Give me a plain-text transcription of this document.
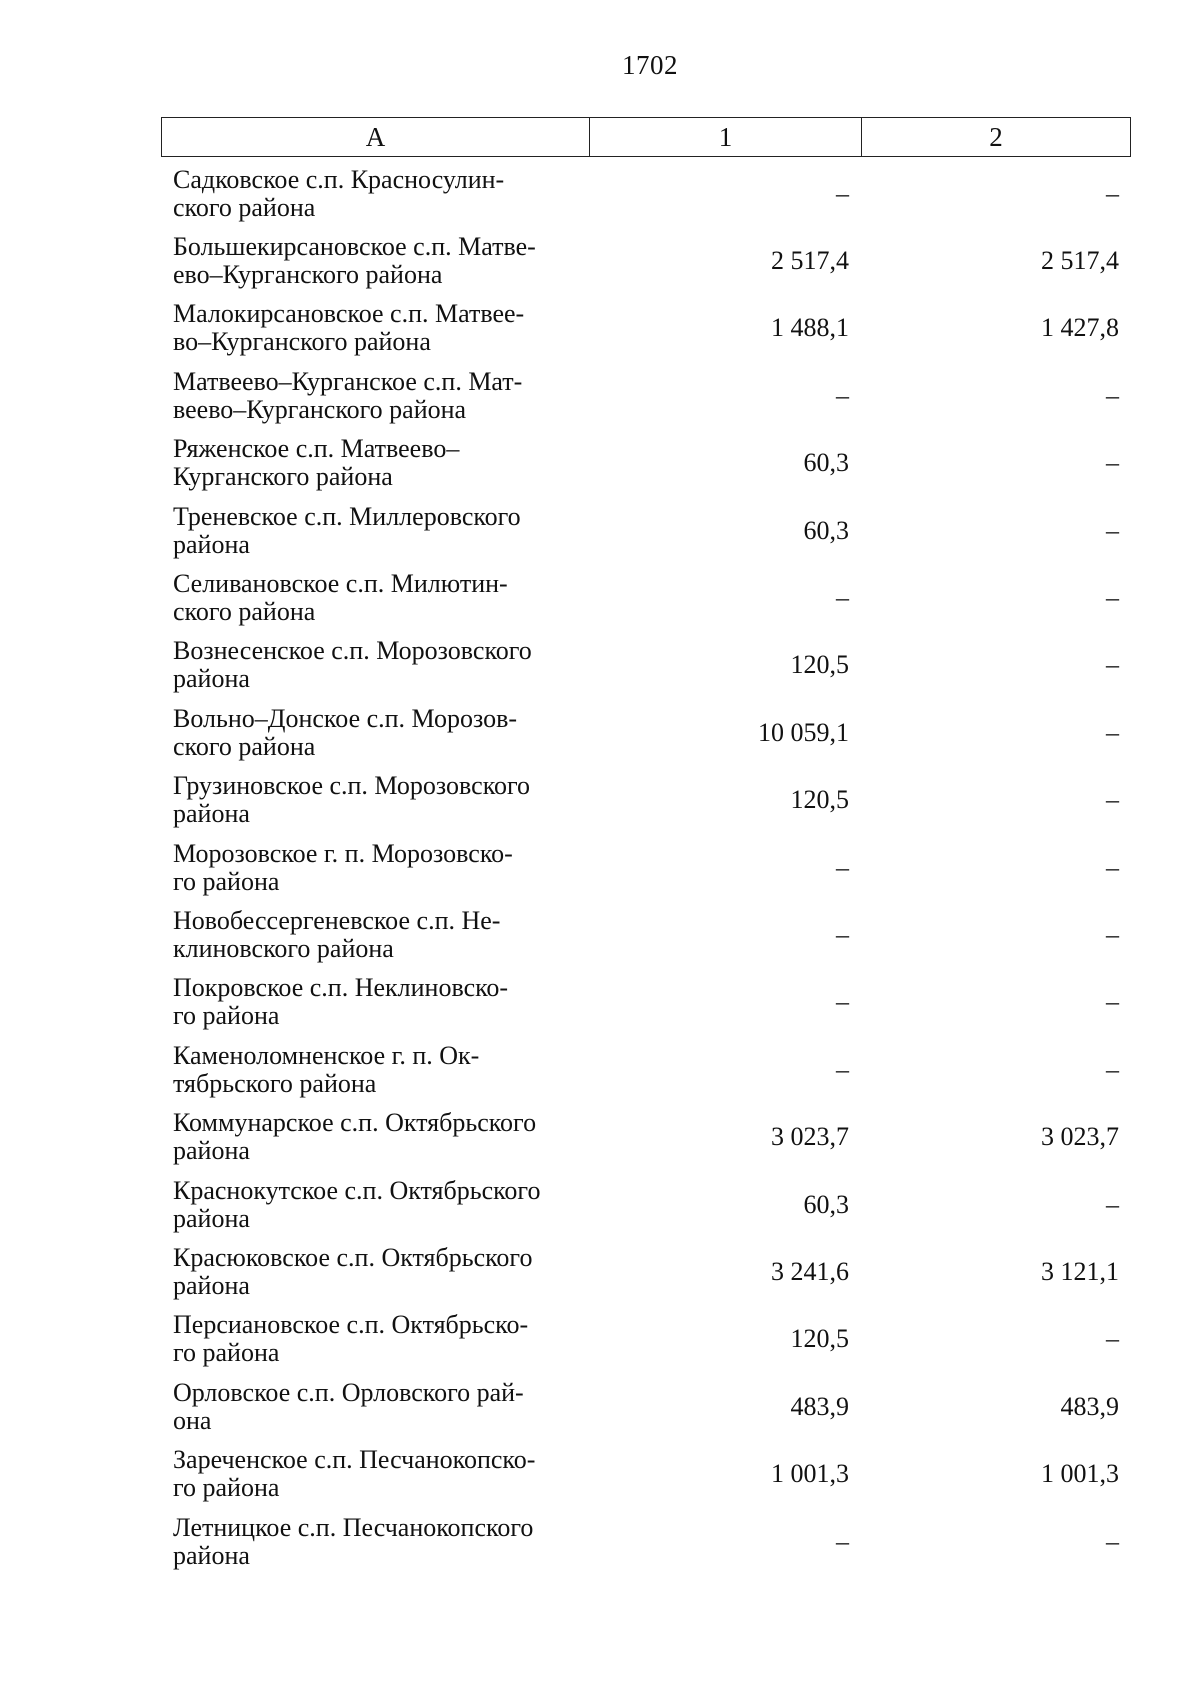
1702
А	1	2
Садковское с.п. Красносулин-
ского района	–	–
Большекирсановское с.п. Матве-
ево–Курганского района	2 517,4	2 517,4
Малокирсановское с.п. Матвее-
во–Курганского района	1 488,1	1 427,8
Матвеево–Курганское с.п. Мат-
веево–Курганского района	–	–
Ряженское с.п. Матвеево–
Курганского района	60,3	–
Треневское с.п. Миллеровского
района	60,3	–
Селивановское с.п. Милютин-
ского района	–	–
Вознесенское с.п. Морозовского
района	120,5	–
Вольно–Донское с.п. Морозов-
ского района	10 059,1	–
Грузиновское с.п. Морозовского
района	120,5	–
Морозовское г. п. Морозовско-
го района	–	–
Новобессергеневское с.п. Не-
клиновского района	–	–
Покровское с.п. Неклиновско-
го района	–	–
Каменоломненское г. п. Ок-
тябрьского района	–	–
Коммунарское с.п. Октябрьского
района	3 023,7	3 023,7
Краснокутское с.п. Октябрьского
района	60,3	–
Красюковское с.п. Октябрьского
района	3 241,6	3 121,1
Персиановское с.п. Октябрьско-
го района	120,5	–
Орловское с.п. Орловского рай-
она	483,9	483,9
Зареченское с.п. Песчанокопско-
го района	1 001,3	1 001,3
Летницкое с.п. Песчанокопского
района	–	–
